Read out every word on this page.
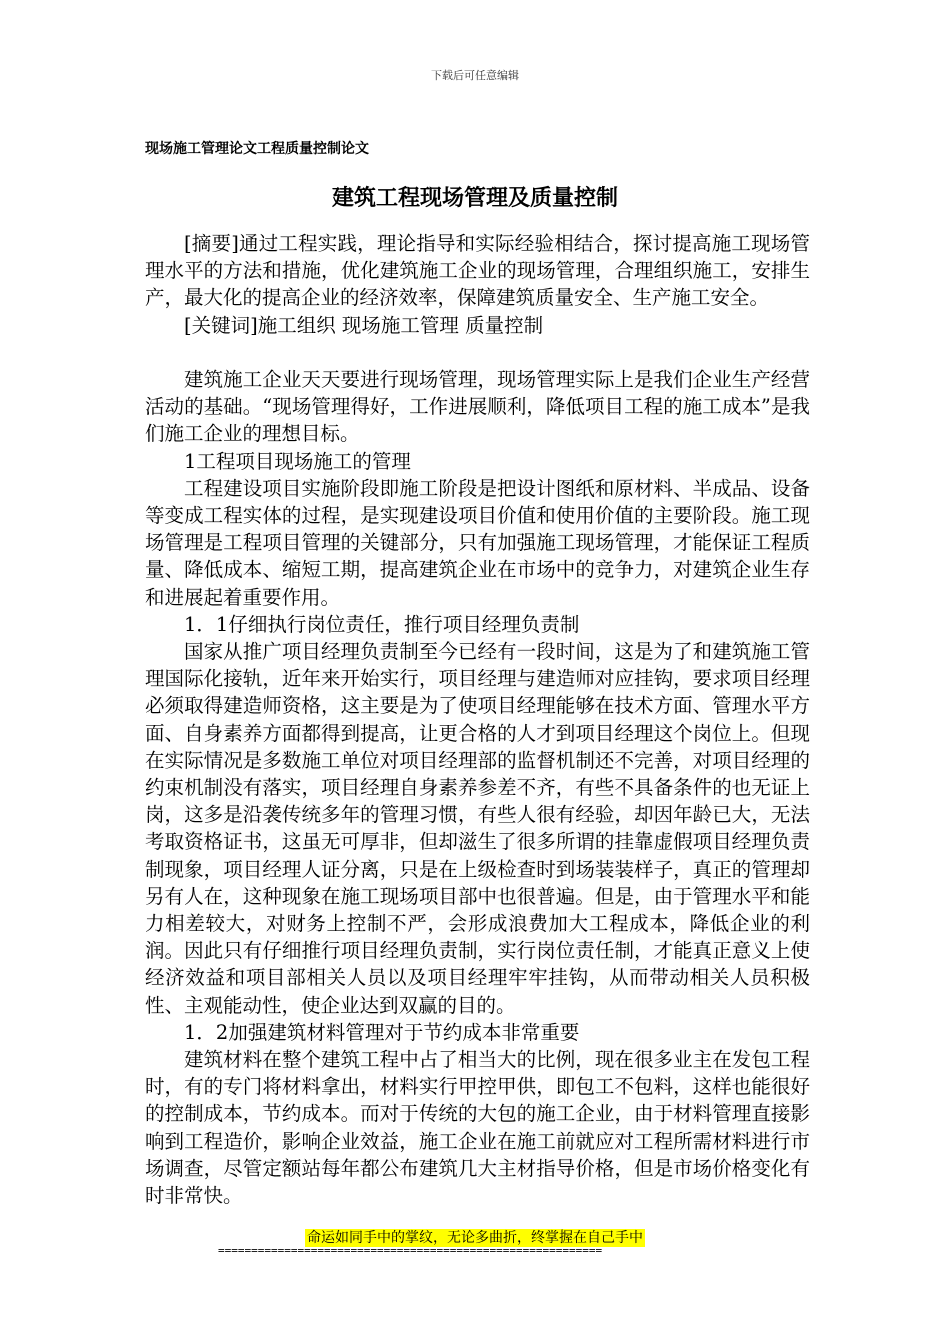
下载后可任意编辑
现场施工管理论文工程质量控制论文
建筑工程现场管理及质量控制

[摘要]通过工程实践，理论指导和实际经验相结合，探讨提高施工现场管理水平的方法和措施，优化建筑施工企业的现场管理，合理组织施工，安排生产，最大化的提高企业的经济效率，保障建筑质量安全、生产施工安全。

[关键词]施工组织 现场施工管理 质量控制

建筑施工企业天天要进行现场管理，现场管理实际上是我们企业生产经营活动的基础。“现场管理得好，工作进展顺利，降低项目工程的施工成本”是我们施工企业的理想目标。

1工程项目现场施工的管理

工程建设项目实施阶段即施工阶段是把设计图纸和原材料、半成品、设备等变成工程实体的过程，是实现建设项目价值和使用价值的主要阶段。施工现场管理是工程项目管理的关键部分，只有加强施工现场管理，才能保证工程质量、降低成本、缩短工期，提高建筑企业在市场中的竞争力，对建筑企业生存和进展起着重要作用。

1．1仔细执行岗位责任，推行项目经理负责制

国家从推广项目经理负责制至今已经有一段时间，这是为了和建筑施工管理国际化接轨，近年来开始实行，项目经理与建造师对应挂钩，要求项目经理必须取得建造师资格，这主要是为了使项目经理能够在技术方面、管理水平方面、自身素养方面都得到提高，让更合格的人才到项目经理这个岗位上。但现在实际情况是多数施工单位对项目经理部的监督机制还不完善，对项目经理的约束机制没有落实，项目经理自身素养参差不齐，有些不具备条件的也无证上岗，这多是沿袭传统多年的管理习惯，有些人很有经验，却因年龄已大，无法考取资格证书，这虽无可厚非，但却滋生了很多所谓的挂靠虚假项目经理负责制现象，项目经理人证分离，只是在上级检查时到场装装样子，真正的管理却另有人在，这种现象在施工现场项目部中也很普遍。但是，由于管理水平和能力相差较大，对财务上控制不严，会形成浪费加大工程成本，降低企业的利润。因此只有仔细推行项目经理负责制，实行岗位责任制，才能真正意义上使经济效益和项目部相关人员以及项目经理牢牢挂钩，从而带动相关人员积极性、主观能动性，使企业达到双赢的目的。

1．2加强建筑材料管理对于节约成本非常重要

建筑材料在整个建筑工程中占了相当大的比例，现在很多业主在发包工程时，有的专门将材料拿出，材料实行甲控甲供，即包工不包料，这样也能很好的控制成本，节约成本。而对于传统的大包的施工企业，由于材料管理直接影响到工程造价，影响企业效益，施工企业在施工前就应对工程所需材料进行市场调查，尽管定额站每年都公布建筑几大主材指导价格，但是市场价格变化有时非常快。

命运如同手中的掌纹，无论多曲折，终掌握在自己手中
==========================================================
